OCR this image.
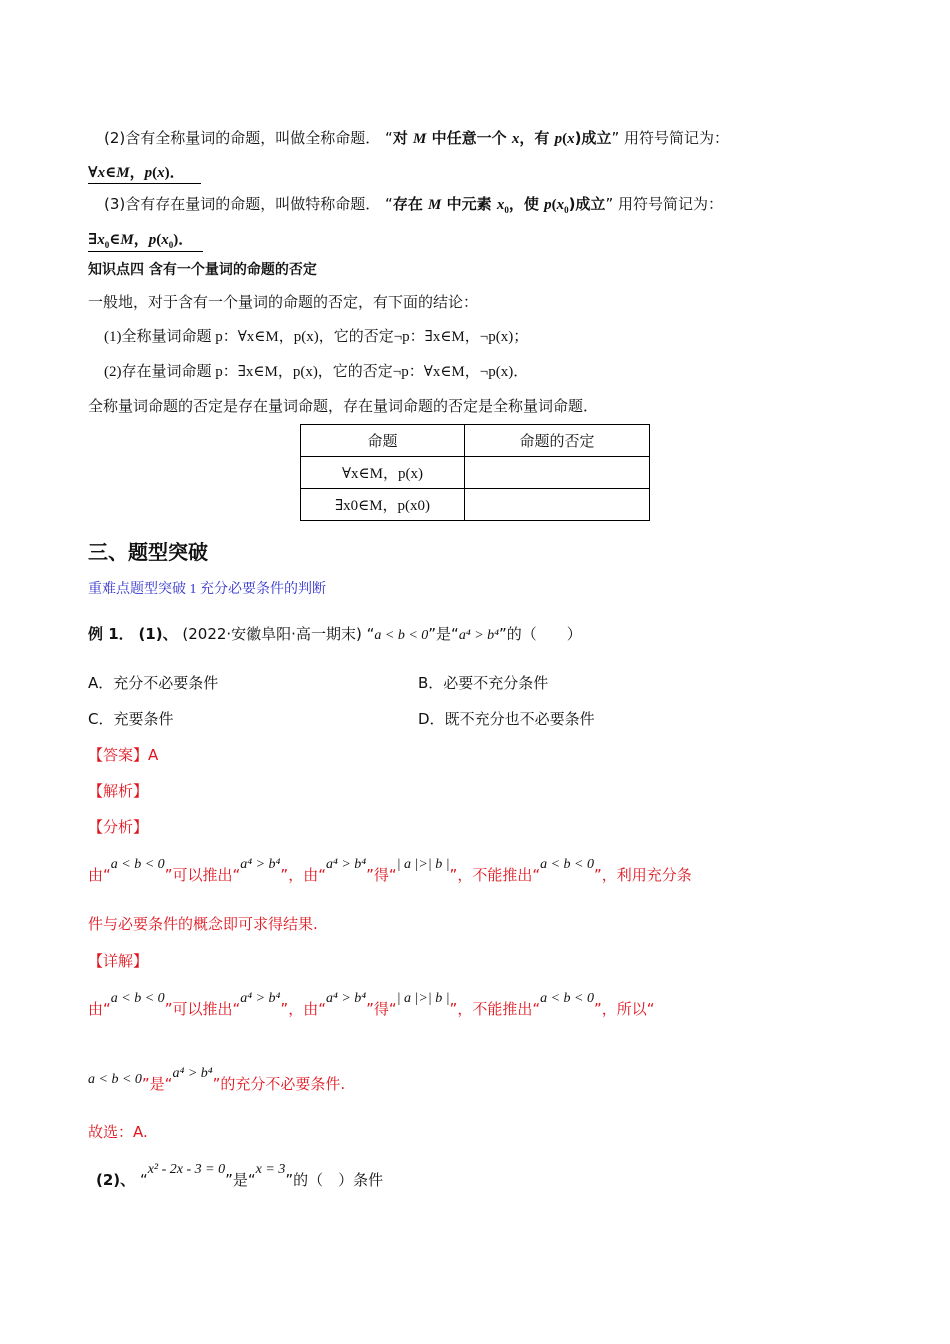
(2)含有全称量词的命题，叫做全称命题． “对 M 中任意一个 x，有 p(x)成立” 用符号简记为：
∀x∈M，p(x)．
(3)含有存在量词的命题，叫做特称命题． “存在 M 中元素 $x_0$，使 $p(x_0)$成立” 用符号简记为：
$\exists x_0\in M$，$p(x_0)$．
知识点四 含有一个量词的命题的否定
一般地，对于含有一个量词的命题的否定，有下面的结论：
(1)全称量词命题 p：∀x∈M，p(x)，它的否定¬p：∃x∈M，¬p(x)；
(2)存在量词命题 p：∃x∈M，p(x)，它的否定¬p：∀x∈M，¬p(x)．
全称量词命题的否定是存在量词命题，存在量词命题的否定是全称量词命题．
命题	命题的否定
∀x∈M，p(x)	
∃x0∈M，p(x0)	
三、题型突破
重难点题型突破 1 充分必要条件的判断
例 1． (1)、 (2022·安徽阜阳·高一期末) “a < b < 0”是“a⁴ > b⁴”的（　　）
A．充分不必要条件	B．必要不充分条件
C．充要条件	D．既不充分也不必要条件
【答案】A
【解析】
【分析】
由“a < b < 0”可以推出“a⁴ > b⁴”，由“a⁴ > b⁴”得“| a |>| b |”，不能推出“a < b < 0”，利用充分条
件与必要条件的概念即可求得结果.
【详解】
由“a < b < 0”可以推出“a⁴ > b⁴”，由“a⁴ > b⁴”得“| a |>| b |”，不能推出“a < b < 0”，所以“
a < b < 0”是“a⁴ > b⁴”的充分不必要条件.
故选：A.
(2)、 “x² - 2x - 3 = 0”是“x = 3”的（　）条件
